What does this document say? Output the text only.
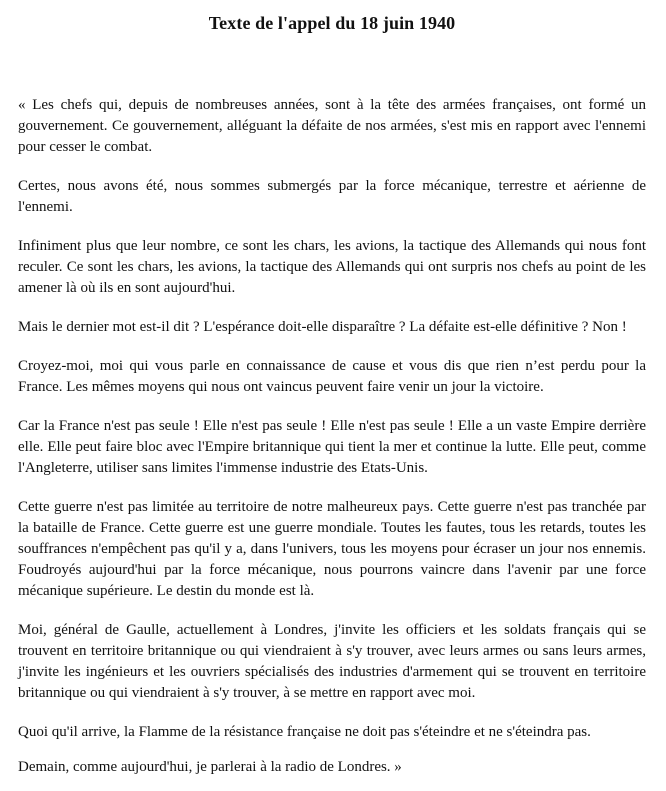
Texte de l'appel du 18 juin 1940

« Les chefs qui, depuis de nombreuses années, sont à la tête des armées françaises, ont formé un gouvernement. Ce gouvernement, alléguant la défaite de nos armées, s'est mis en rapport avec l'ennemi pour cesser le combat.

Certes, nous avons été, nous sommes submergés par la force mécanique, terrestre et aérienne de l'ennemi.

Infiniment plus que leur nombre, ce sont les chars, les avions, la tactique des Allemands qui nous font reculer. Ce sont les chars, les avions, la tactique des Allemands qui ont surpris nos chefs au point de les amener là où ils en sont aujourd'hui.

Mais le dernier mot est-il dit ? L'espérance doit-elle disparaître ? La défaite est-elle définitive ? Non !

Croyez-moi, moi qui vous parle en connaissance de cause et vous dis que rien n’est perdu pour la France. Les mêmes moyens qui nous ont vaincus peuvent faire venir un jour la victoire.

Car la France n'est pas seule ! Elle n'est pas seule ! Elle n'est pas seule ! Elle a un vaste Empire derrière elle. Elle peut faire bloc avec l'Empire britannique qui tient la mer et continue la lutte. Elle peut, comme l'Angleterre, utiliser sans limites l'immense industrie des Etats-Unis.

Cette guerre n'est pas limitée au territoire de notre malheureux pays. Cette guerre n'est pas tranchée par la bataille de France. Cette guerre est une guerre mondiale. Toutes les fautes, tous les retards, toutes les souffrances n'empêchent pas qu'il y a, dans l'univers, tous les moyens pour écraser un jour nos ennemis. Foudroyés aujourd'hui par la force mécanique, nous pourrons vaincre dans l'avenir par une force mécanique supérieure. Le destin du monde est là.

Moi, général de Gaulle, actuellement à Londres, j'invite les officiers et les soldats français qui se trouvent en territoire britannique ou qui viendraient à s'y trouver, avec leurs armes ou sans leurs armes, j'invite les ingénieurs et les ouvriers spécialisés des industries d'armement qui se trouvent en territoire britannique ou qui viendraient à s'y trouver, à se mettre en rapport avec moi.

Quoi qu'il arrive, la Flamme de la résistance française ne doit pas s'éteindre et ne s'éteindra pas.

Demain, comme aujourd'hui, je parlerai à la radio de Londres. »
